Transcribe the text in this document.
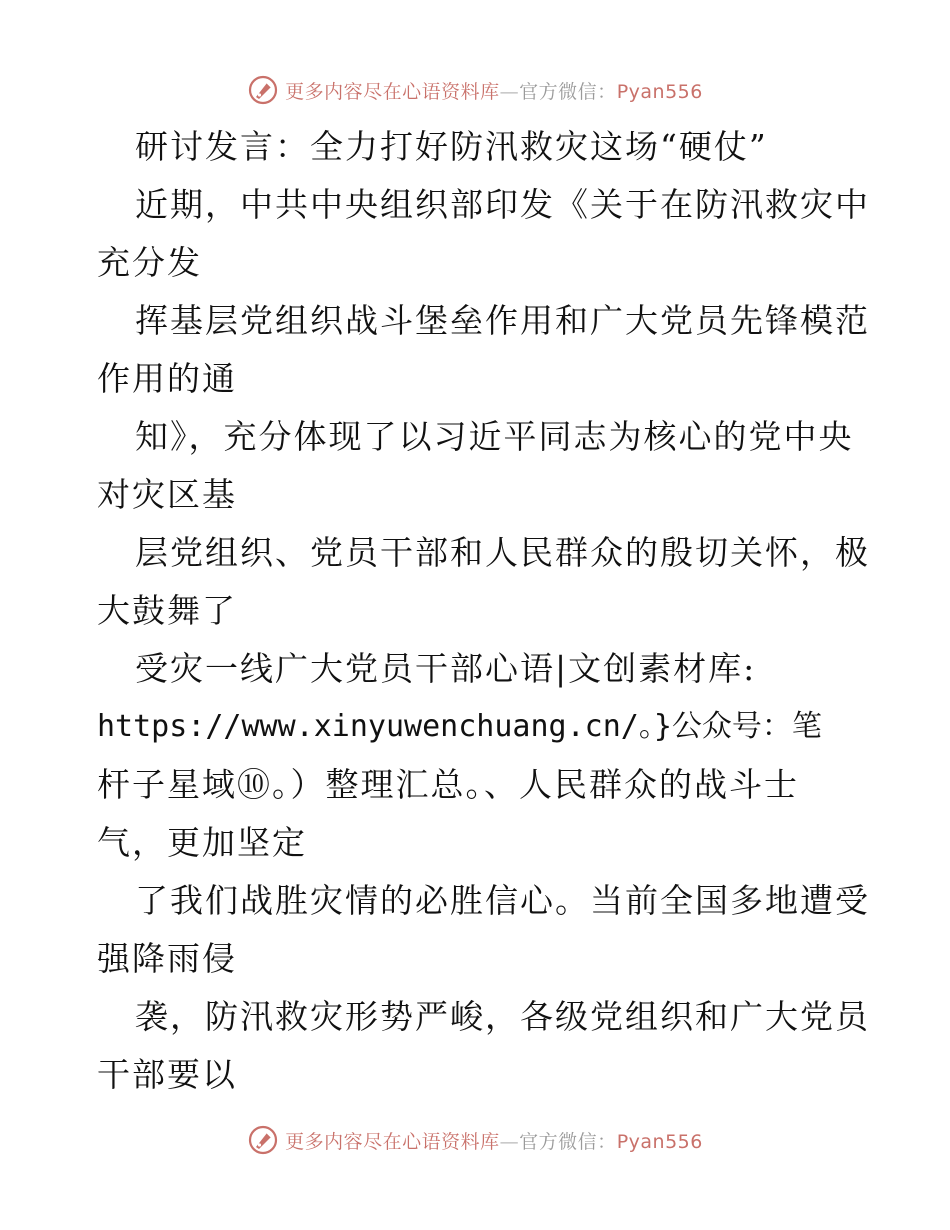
更多内容尽在心语资料库—官方微信：Pyan556
研讨发言：全力打好防汛救灾这场“硬仗”
近期，中共中央组织部印发《关于在防汛救灾中
充分发
挥基层党组织战斗堡垒作用和广大党员先锋模范
作用的通
知》，充分体现了以习近平同志为核心的党中央
对灾区基
层党组织、党员干部和人民群众的殷切关怀，极
大鼓舞了
受灾一线广大党员干部心语|文创素材库:
https://www.xinyuwenchuang.cn/。}公众号：笔
杆子星域⑩。）整理汇总。、人民群众的战斗士
气，更加坚定
了我们战胜灾情的必胜信心。当前全国多地遭受
强降雨侵
袭，防汛救灾形势严峻，各级党组织和广大党员
干部要以
更多内容尽在心语资料库—官方微信：Pyan556
